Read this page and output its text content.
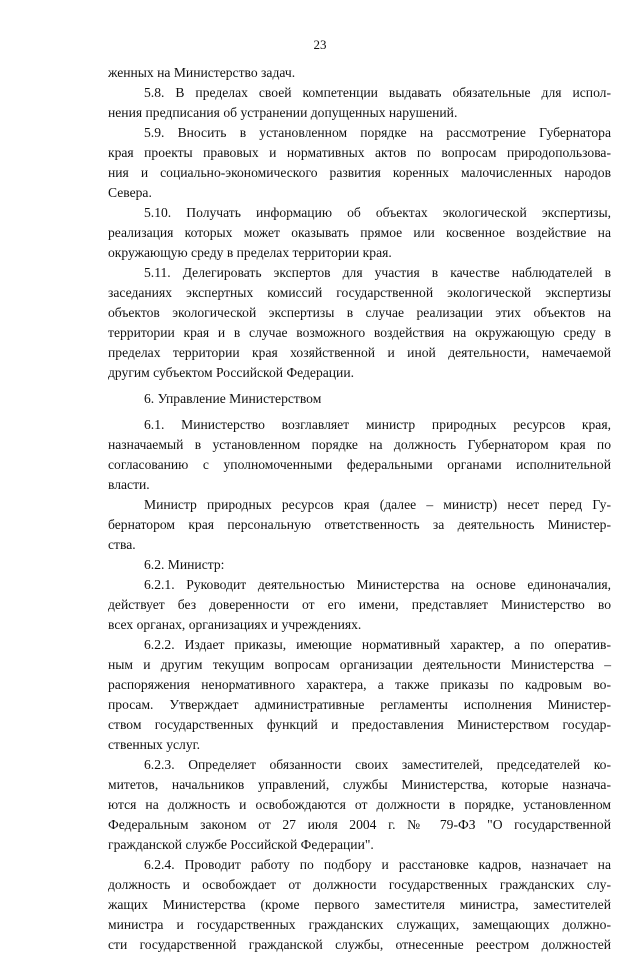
23
женных на Министерство задач.
5.8. В пределах своей компетенции выдавать обязательные для испол-
нения предписания об устранении допущенных нарушений.
5.9. Вносить в установленном порядке на рассмотрение Губернатора
края проекты правовых и нормативных актов по вопросам природопользова-
ния и социально-экономического развития коренных малочисленных народов
Севера.
5.10. Получать информацию об объектах экологической экспертизы,
реализация которых может оказывать прямое или косвенное воздействие на
окружающую среду в пределах территории края.
5.11. Делегировать экспертов для участия в качестве наблюдателей в
заседаниях экспертных комиссий государственной экологической экспертизы
объектов экологической экспертизы в случае реализации этих объектов на
территории края и в случае возможного воздействия на окружающую среду в
пределах территории края хозяйственной и иной деятельности, намечаемой
другим субъектом Российской Федерации.
6. Управление Министерством
6.1. Министерство возглавляет министр природных ресурсов края,
назначаемый в установленном порядке на должность Губернатором края по
согласованию с уполномоченными федеральными органами исполнительной
власти.
Министр природных ресурсов края (далее – министр) несет перед Гу-
бернатором края персональную ответственность за деятельность Министер-
ства.
6.2. Министр:
6.2.1. Руководит деятельностью Министерства на основе единоначалия,
действует без доверенности от его имени, представляет Министерство во
всех органах, организациях и учреждениях.
6.2.2. Издает приказы, имеющие нормативный характер, а по оператив-
ным и другим текущим вопросам организации деятельности Министерства –
распоряжения ненормативного характера, а также приказы по кадровым во-
просам. Утверждает административные регламенты исполнения Министер-
ством государственных функций и предоставления Министерством государ-
ственных услуг.
6.2.3. Определяет обязанности своих заместителей, председателей ко-
митетов, начальников управлений, службы Министерства, которые назнача-
ются на должность и освобождаются от должности в порядке, установленном
Федеральным законом от 27 июля 2004 г. № 79-ФЗ "О государственной
гражданской службе Российской Федерации".
6.2.4. Проводит работу по подбору и расстановке кадров, назначает на
должность и освобождает от должности государственных гражданских слу-
жащих Министерства (кроме первого заместителя министра, заместителей
министра и государственных гражданских служащих, замещающих должно-
сти государственной гражданской службы, отнесенные реестром должностей
